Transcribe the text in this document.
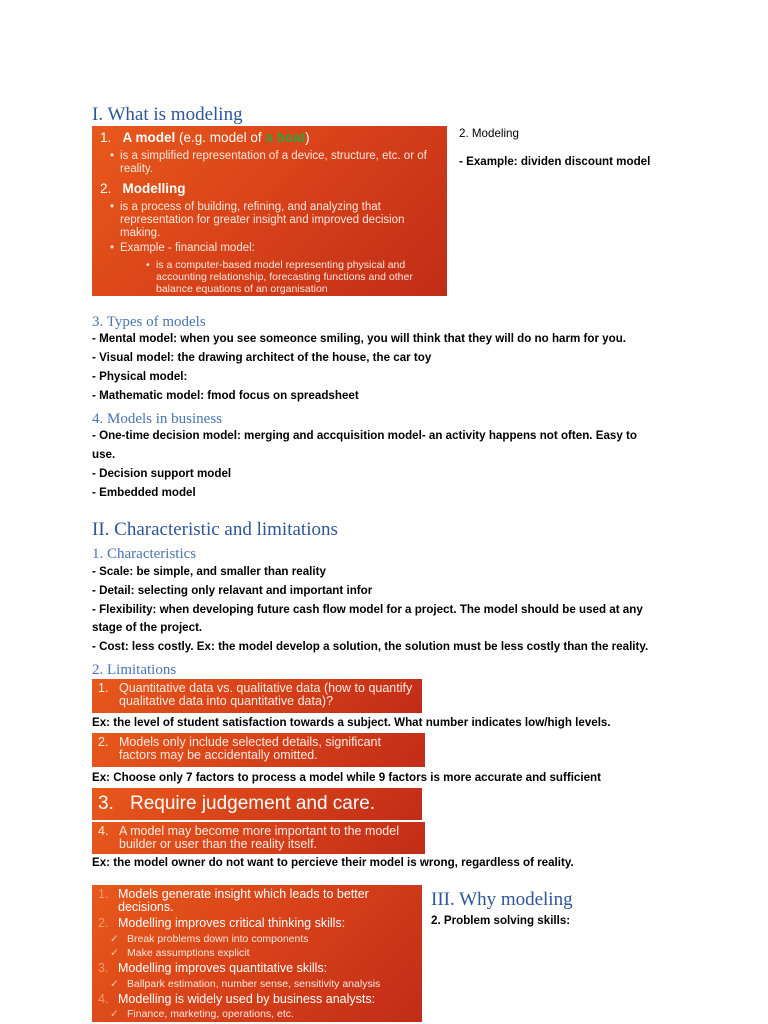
I. What is modeling
1. A model (e.g. model of a boat)
• is a simplified representation of a device, structure, etc. or of reality.
2. Modelling
• is a process of building, refining, and analyzing that representation for greater insight and improved decision making.
• Example - financial model:
• is a computer-based model representing physical and accounting relationship, forecasting functions and other balance equations of an organisation
2. Modeling
- Example: dividen discount model
3. Types of models
- Mental model: when you see someonce smiling, you will think that they will do no harm for you.
- Visual model: the drawing architect of the house, the car toy
- Physical model:
- Mathematic model: fmod focus on spreadsheet
4. Models in business
- One-time decision model: merging and accquisition model- an activity happens not often. Easy to
use.
- Decision support model
- Embedded model
II. Characteristic and limitations
1. Characteristics
- Scale: be simple, and smaller than reality
- Detail: selecting only relavant and important infor
- Flexibility: when developing future cash flow model for a project. The model should be used at any
stage of the project.
- Cost: less costly. Ex: the model develop a solution, the solution must be less costly than the reality.
2. Limitations
1. Quantitative data vs. qualitative data (how to quantify qualitative data into quantitative data)?
Ex: the level of student satisfaction towards a subject. What number indicates low/high levels.
2. Models only include selected details, significant factors may be accidentally omitted.
Ex: Choose only 7 factors to process a model while 9 factors is more accurate and sufficient
3. Require judgement and care.
4. A model may become more important to the model builder or user than the reality itself.
Ex: the model owner do not want to percieve their model is wrong, regardless of reality.
1. Models generate insight which leads to better decisions.
2. Modelling improves critical thinking skills:
✓ Break problems down into components
✓ Make assumptions explicit
3. Modelling improves quantitative skills:
✓ Ballpark estimation, number sense, sensitivity analysis
4. Modelling is widely used by business analysts:
✓ Finance, marketing, operations, etc.
III. Why modeling
2. Problem solving skills:
